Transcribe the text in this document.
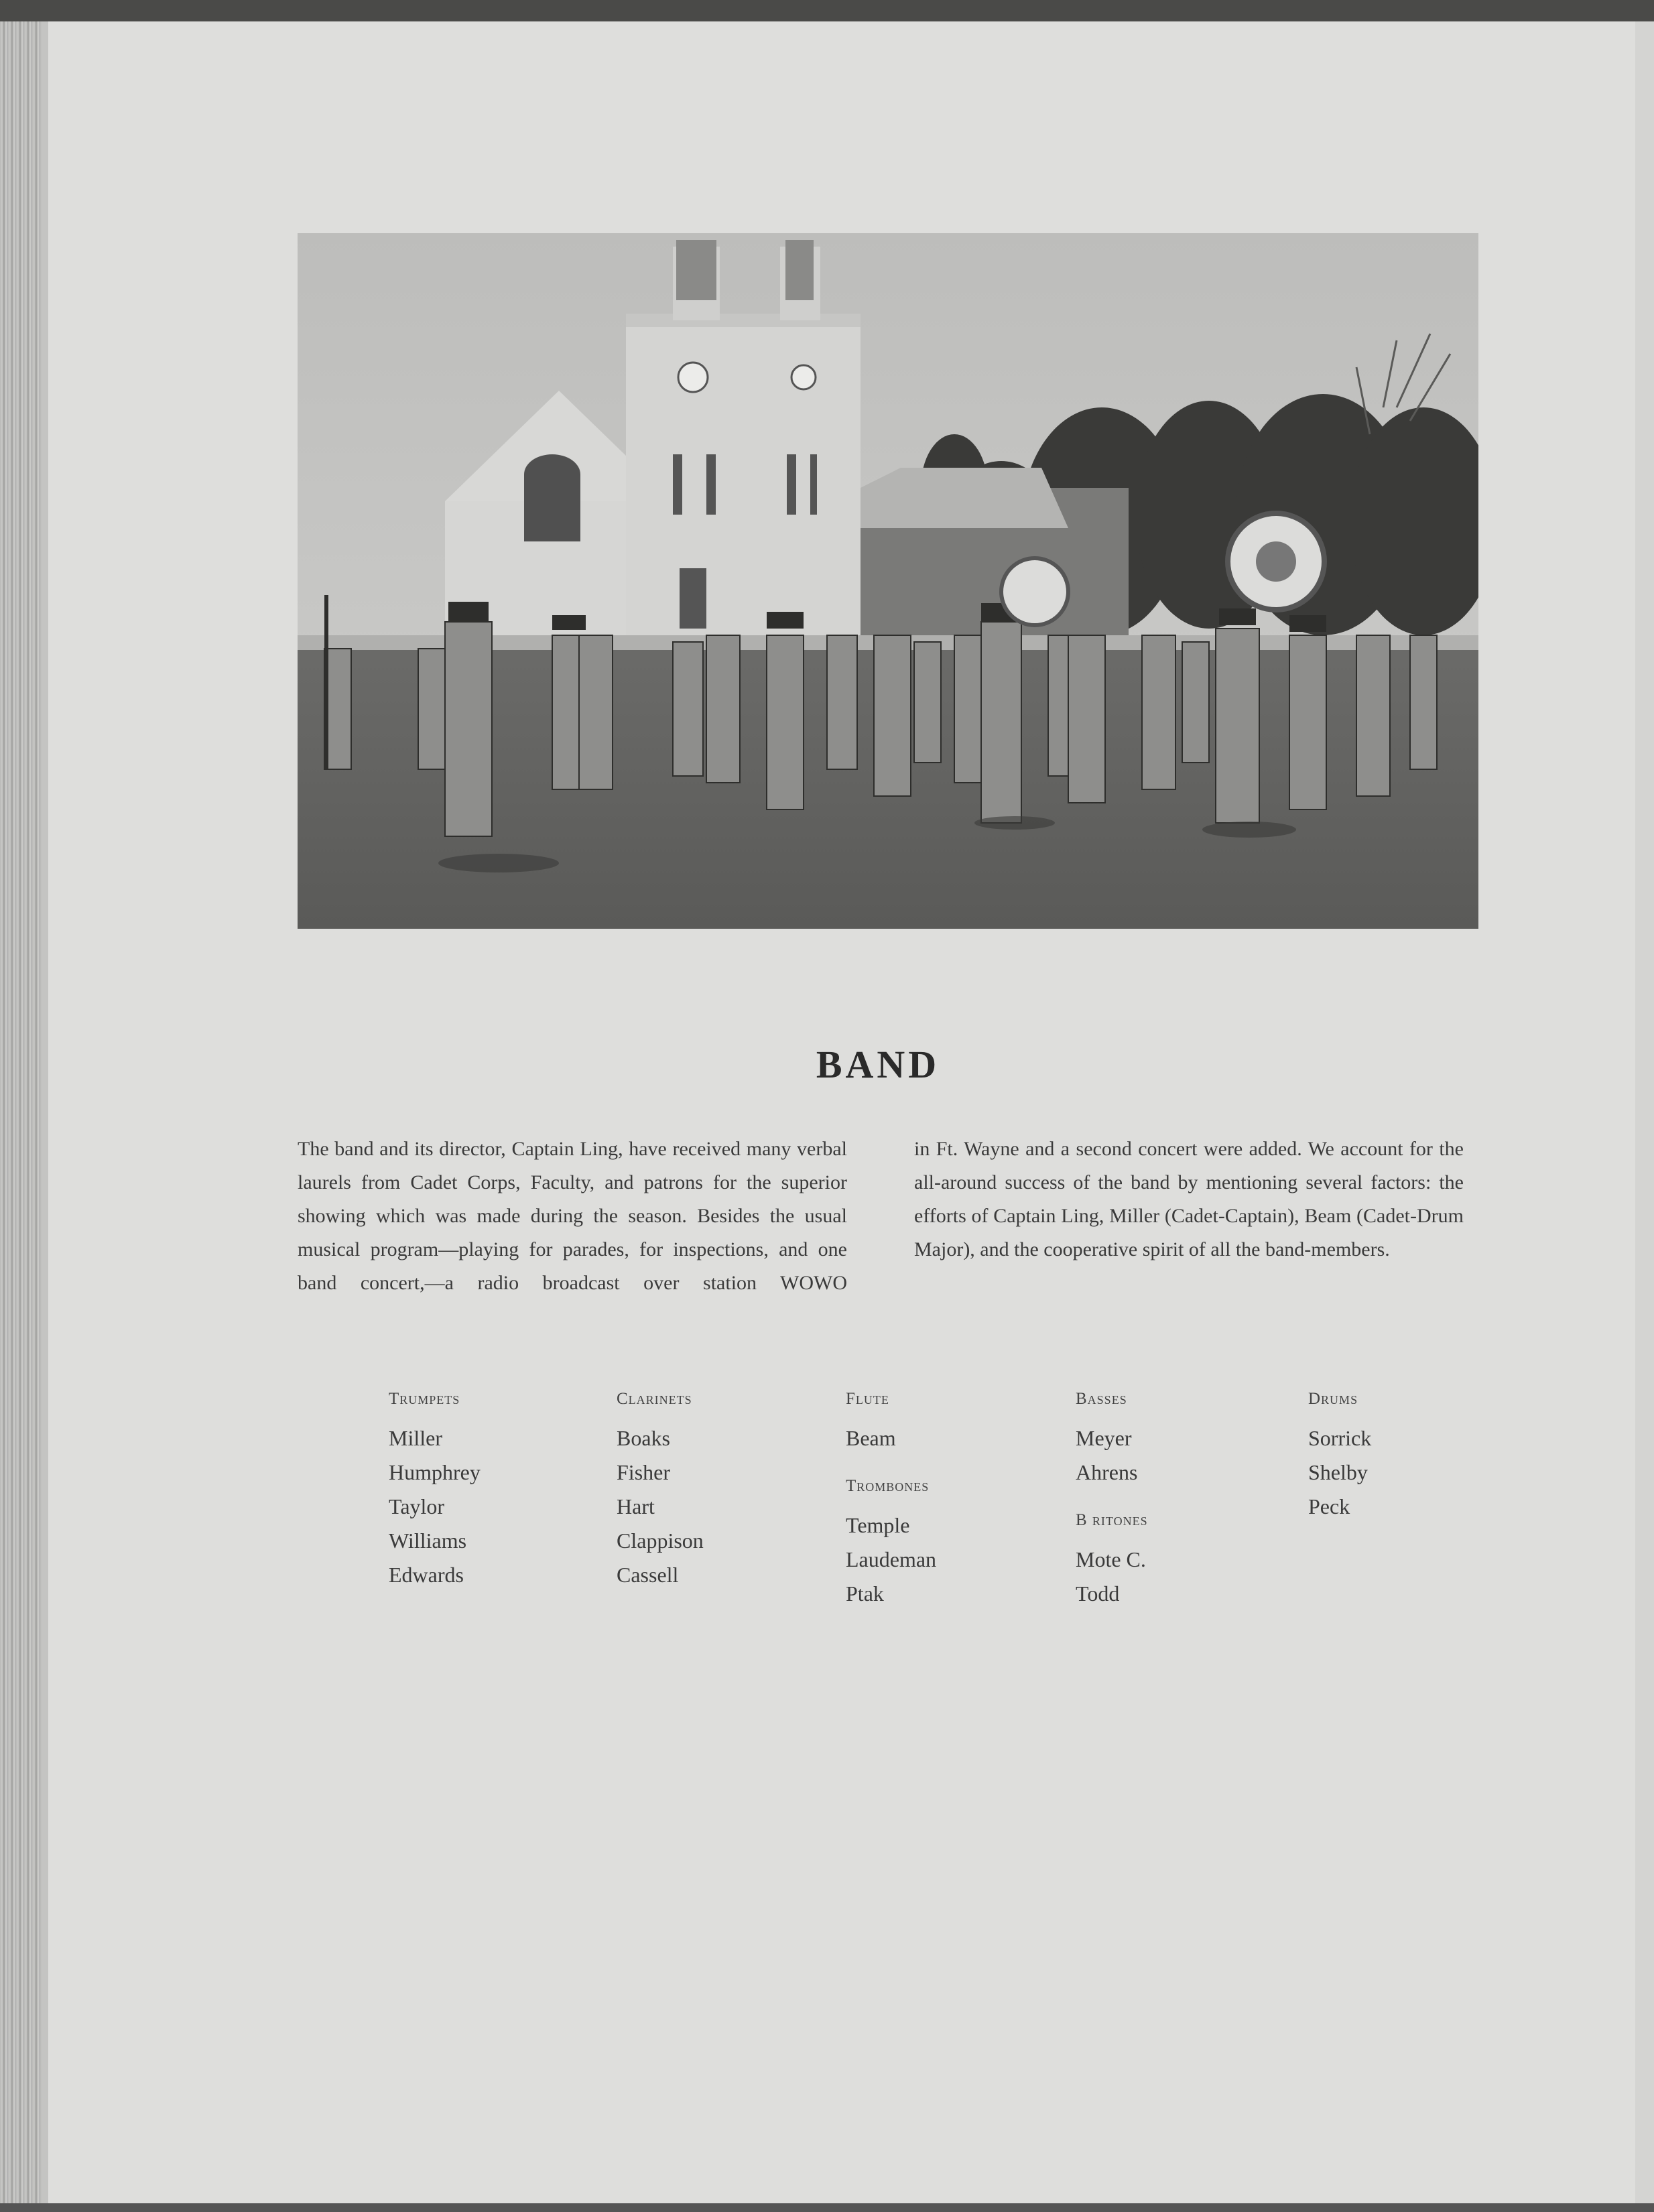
BAND
The band and its director, Captain Ling, have received many verbal laurels from Cadet Corps, Faculty, and patrons for the superior showing which was made during the season. Besides the usual musical program—playing for parades, for inspections, and one band concert,—a radio broadcast over station WOWO
in Ft. Wayne and a second concert were added. We account for the all-around success of the band by mentioning several factors: the efforts of Captain Ling, Miller (Cadet-Captain), Beam (Cadet-Drum Major), and the cooperative spirit of all the band-members.
Trumpets
Miller
Humphrey
Taylor
Williams
Edwards
Clarinets
Boaks
Fisher
Hart
Clappison
Cassell
Flute
Beam
Trombones
Temple
Laudeman
Ptak
Basses
Meyer
Ahrens
B ritones
Mote C.
Todd
Drums
Sorrick
Shelby
Peck
